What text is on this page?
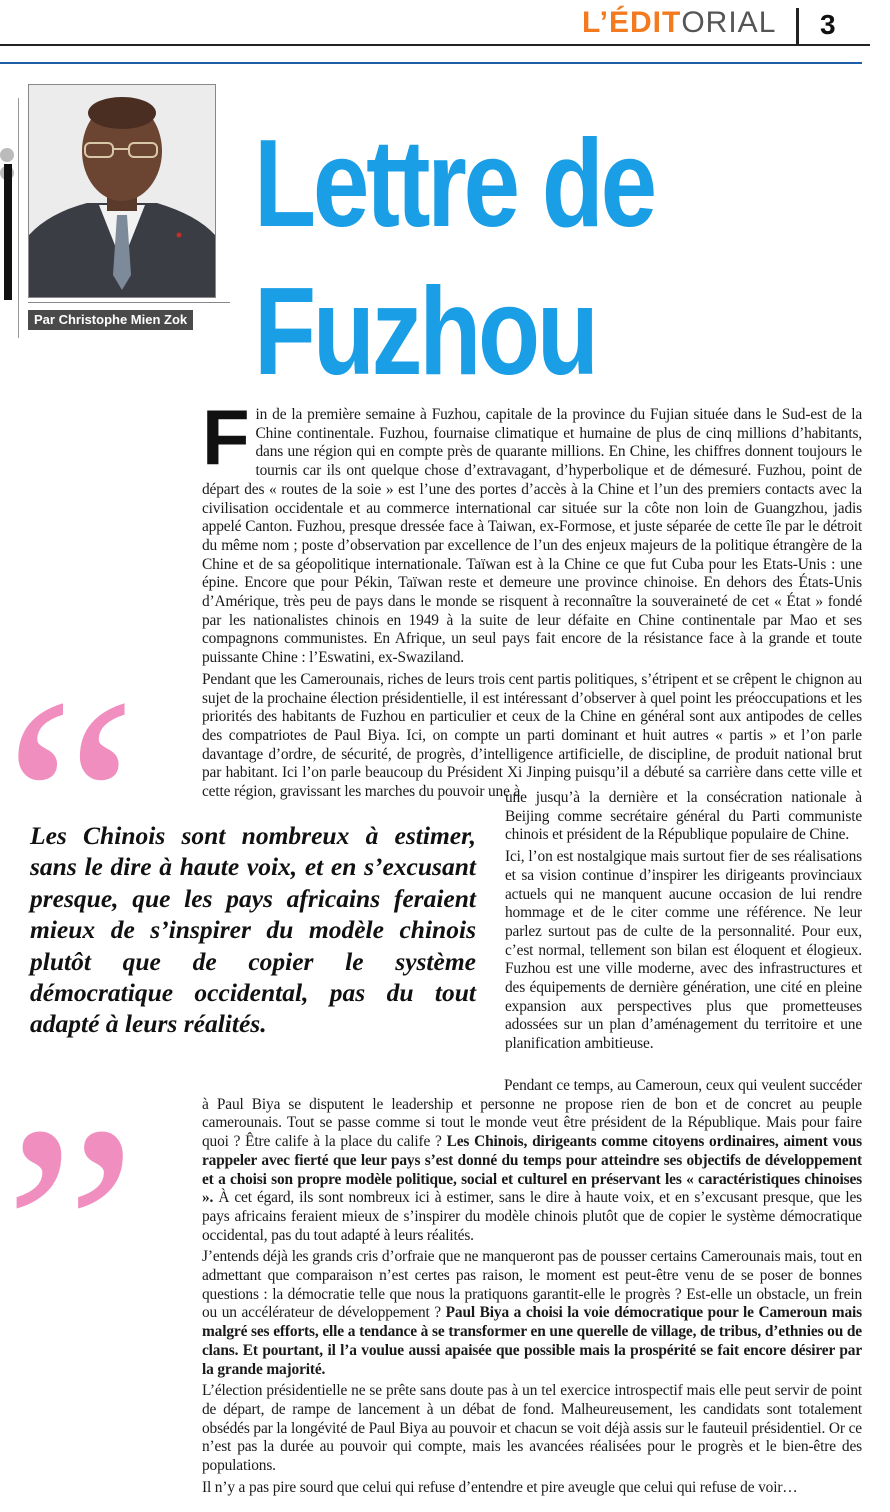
L’ÉDITORIAL 3
Par Christophe Mien Zok
Lettre de
Fuzhou

Fin de la première semaine à Fuzhou, capitale de la province du Fujian située dans le Sud-est de la Chine continentale. Fuzhou, fournaise climatique et humaine de plus de cinq millions d’habitants, dans une région qui en compte près de quarante millions. En Chine, les chiffres donnent toujours le tournis car ils ont quelque chose d’extravagant, d’hyperbolique et de démesuré. Fuzhou, point de départ des « routes de la soie » est l’une des portes d’accès à la Chine et l’un des premiers contacts avec la civilisation occidentale et au commerce international car située sur la côte non loin de Guangzhou, jadis appelé Canton. Fuzhou, presque dressée face à Taiwan, ex-Formose, et juste séparée de cette île par le détroit du même nom ; poste d’observation par excellence de l’un des enjeux majeurs de la politique étrangère de la Chine et de sa géopolitique internationale. Taïwan est à la Chine ce que fut Cuba pour les Etats-Unis : une épine. Encore que pour Pékin, Taïwan reste et demeure une province chinoise. En dehors des États-Unis d’Amérique, très peu de pays dans le monde se risquent à reconnaître la souveraineté de cet « État » fondé par les nationalistes chinois en 1949 à la suite de leur défaite en Chine continentale par Mao et ses compagnons communistes. En Afrique, un seul pays fait encore de la résistance face à la grande et toute puissante Chine : l’Eswatini, ex-Swaziland.

Pendant que les Camerounais, riches de leurs trois cent partis politiques, s’étripent et se crêpent le chignon au sujet de la prochaine élection présidentielle, il est intéressant d’observer à quel point les préoccupations et les priorités des habitants de Fuzhou en particulier et ceux de la Chine en général sont aux antipodes de celles des compatriotes de Paul Biya. Ici, on compte un parti dominant et huit autres « partis » et l’on parle davantage d’ordre, de sécurité, de progrès, d’intelligence artificielle, de discipline, de produit national brut par habitant. Ici l’on parle beaucoup du Président Xi Jinping puisqu’il a débuté sa carrière dans cette ville et cette région, gravissant les marches du pouvoir une à

une jusqu’à la dernière et la consécration nationale à Beijing comme secrétaire général du Parti communiste chinois et président de la République populaire de Chine.

Ici, l’on est nostalgique mais surtout fier de ses réalisations et sa vision continue d’inspirer les dirigeants provinciaux actuels qui ne manquent aucune occasion de lui rendre hommage et de le citer comme une référence. Ne leur parlez surtout pas de culte de la personnalité. Pour eux, c’est normal, tellement son bilan est éloquent et élogieux. Fuzhou est une ville moderne, avec des infrastructures et des équipements de dernière génération, une cité en pleine expansion aux perspectives plus que prometteuses adossées sur un plan d’aménagement du territoire et une planification ambitieuse.

“

Les Chinois sont nombreux à estimer, sans le dire à haute voix, et en s’excusant presque, que les pays africains feraient mieux de s’inspirer du modèle chinois plutôt que de copier le système démocratique occidental, pas du tout adapté à leurs réalités.

”	Pendant ce temps, au Cameroun, ceux qui veulent succéder à Paul Biya se disputent le leadership et personne ne propose rien de bon et de concret au peuple camerounais. Tout se passe comme si tout le monde veut être président de la République. Mais pour faire quoi ? Être calife à la place du calife ? Les Chinois, dirigeants comme citoyens ordinaires, aiment vous rappeler avec fierté que leur pays s’est donné du temps pour atteindre ses objectifs de développement et a choisi son propre modèle politique, social et culturel en préservant les « caractéristiques chinoises ». À cet égard, ils sont nombreux ici à estimer, sans le dire à haute voix, et en s’excusant presque, que les pays africains feraient mieux de s’inspirer du modèle chinois plutôt que de copier le système démocratique occidental, pas du tout adapté à leurs réalités.

J’entends déjà les grands cris d’orfraie que ne manqueront pas de pousser certains Camerounais mais, tout en admettant que comparaison n’est certes pas raison, le moment est peut-être venu de se poser de bonnes questions : la démocratie telle que nous la pratiquons garantit-elle le progrès ? Est-elle un obstacle, un frein ou un accélérateur de développement ? Paul Biya a choisi la voie démocratique pour le Cameroun mais malgré ses efforts, elle a tendance à se transformer en une querelle de village, de tribus, d’ethnies ou de clans. Et pourtant, il l’a voulue aussi apaisée que possible mais la prospérité se fait encore désirer par la grande majorité.

L’élection présidentielle ne se prête sans doute pas à un tel exercice introspectif mais elle peut servir de point de départ, de rampe de lancement à un débat de fond. Malheureusement, les candidats sont totalement obsédés par la longévité de Paul Biya au pouvoir et chacun se voit déjà assis sur le fauteuil présidentiel. Or ce n’est pas la durée au pouvoir qui compte, mais les avancées réalisées pour le progrès et le bien-être des populations.

Il n’y a pas pire sourd que celui qui refuse d’entendre et pire aveugle que celui qui refuse de voir…
